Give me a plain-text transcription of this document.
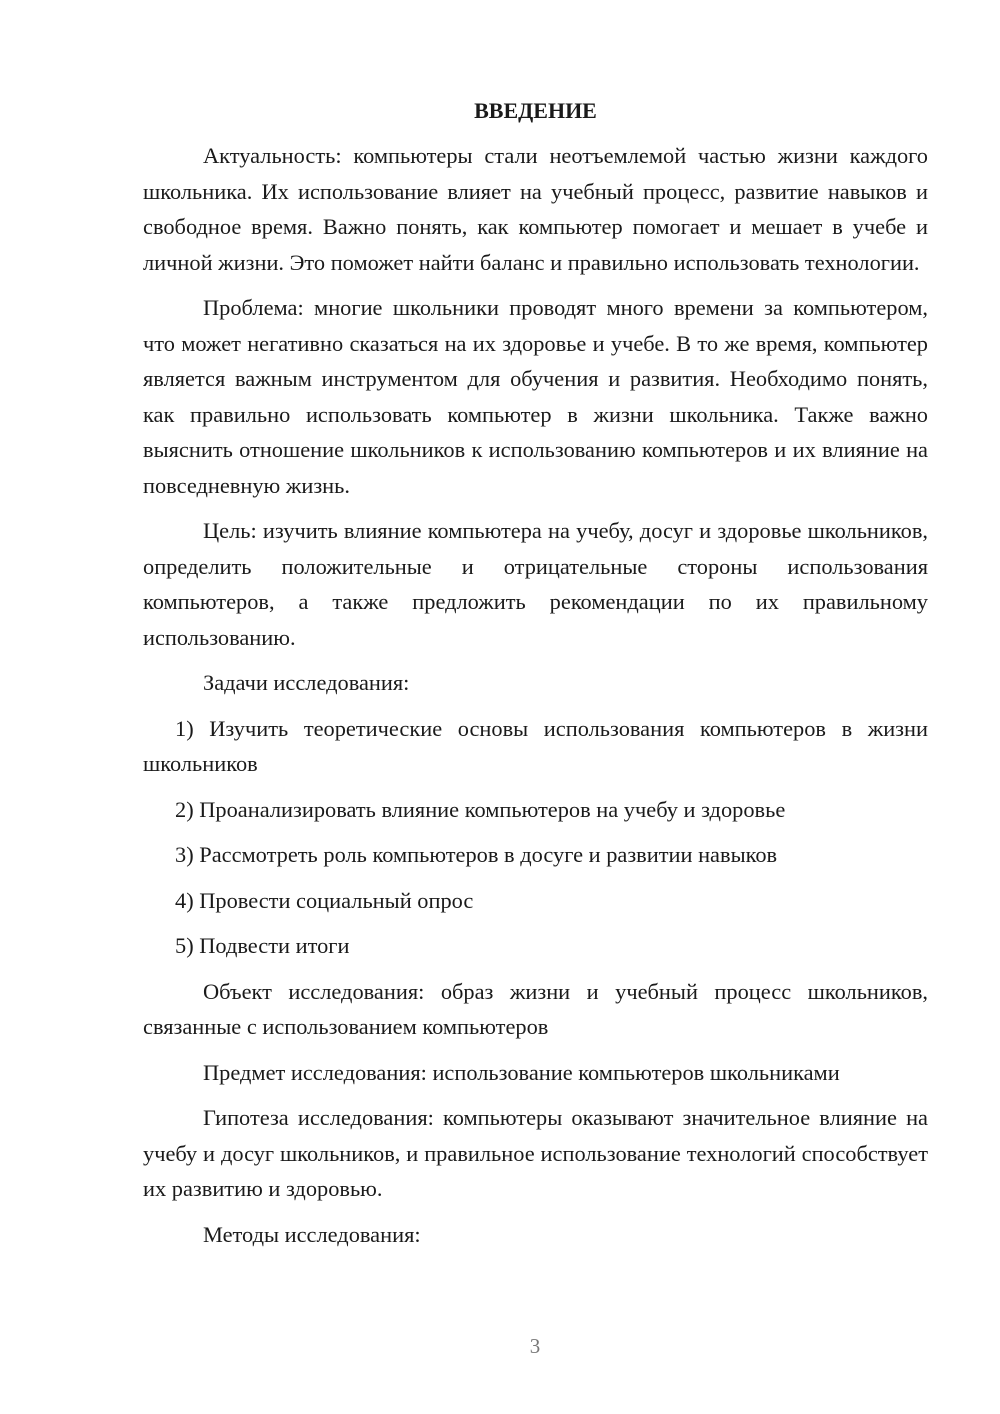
ВВЕДЕНИЕ

Актуальность: компьютеры стали неотъемлемой частью жизни каждого школьника. Их использование влияет на учебный процесс, развитие навыков и свободное время. Важно понять, как компьютер помогает и мешает в учебе и личной жизни. Это поможет найти баланс и правильно использовать технологии.

Проблема: многие школьники проводят много времени за компьютером, что может негативно сказаться на их здоровье и учебе. В то же время, компьютер является важным инструментом для обучения и развития. Необходимо понять, как правильно использовать компьютер в жизни школьника. Также важно выяснить отношение школьников к использованию компьютеров и их влияние на повседневную жизнь.

Цель: изучить влияние компьютера на учебу, досуг и здоровье школьников, определить положительные и отрицательные стороны использования компьютеров, а также предложить рекомендации по их правильному использованию.

Задачи исследования:

1) Изучить теоретические основы использования компьютеров в жизни школьников

2) Проанализировать влияние компьютеров на учебу и здоровье

3) Рассмотреть роль компьютеров в досуге и развитии навыков

4) Провести социальный опрос

5) Подвести итоги

Объект исследования: образ жизни и учебный процесс школьников, связанные с использованием компьютеров

Предмет исследования: использование компьютеров школьниками

Гипотеза исследования: компьютеры оказывают значительное влияние на учебу и досуг школьников, и правильное использование технологий способствует их развитию и здоровью.

Методы исследования:

3
